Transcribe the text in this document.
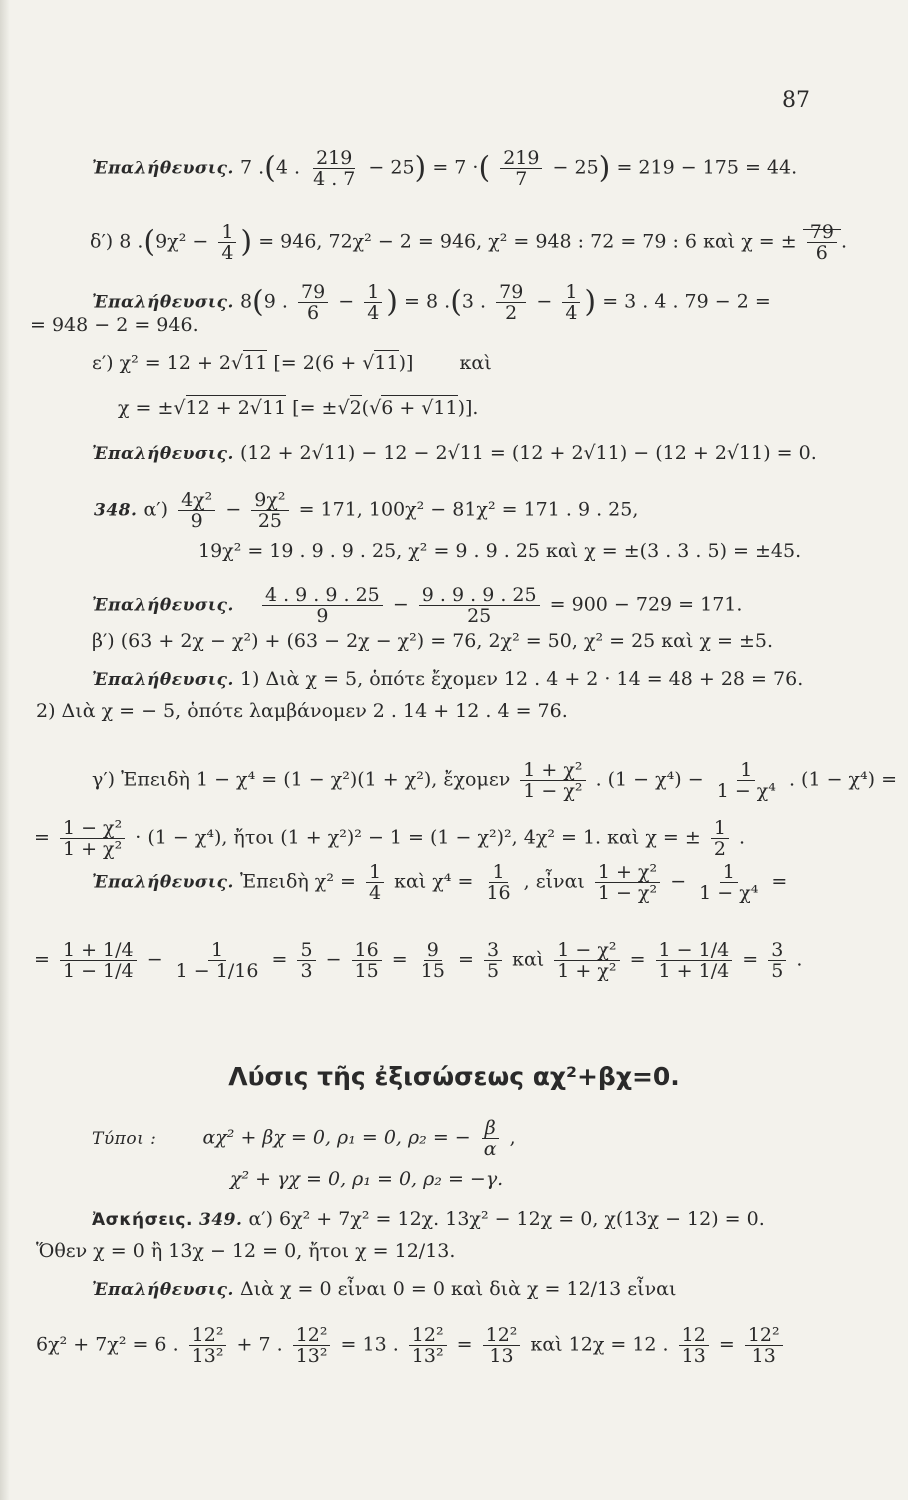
87
Ἐπαλήθευσις. 7 .(4 . $\frac{219}{4 . 7} - 25) = 7$ ·( $\frac{219}{7} - 25) = 219 - 175 = 44$.
δ′) 8 $.(9\chi^2 - \frac{1}{4}$ ) = 946, 72χ² − 2 = 946, χ² = 948 : 72 = 79 : 6 καὶ χ = ± $\frac{79}{6}$ .
Ἐπαλήθευσις. 8(9 . $\frac{79}{6} - \frac{1}{4}$ ) = 8 .(3 . $\frac{79}{2} - \frac{1}{4}$ ) = 3 . 4 . 79 − 2 =
= 948 − 2 = 946.
ε′) χ² = 12 + 2√11 [= 2(6 + √11)] καὶ
χ = ±√12 + 2√11 [= ±√2(√6 + √11)].
Ἐπαλήθευσις. (12 + 2√11) − 12 − 2√11 = (12 + 2√11) − (12 + 2√11) = 0.
348. $\alpha') \frac{\text{4χ²}}{9} - \frac{\text{9χ²}}{25} = 171$, 100χ² − 81χ² = 171 . 9 . 25,
19χ² = 19 . 9 . 9 . 25, χ² = 9 . 9 . 25 καὶ χ = ±(3 . 3 . 5) = ±45.
Ἐπαλήθευσις. $\frac{4 . 9 . 9 . 25}{9} - \frac{9 . 9 . 9 . 25}{25} = 900 - 729 = 171$.
β′) (63 + 2χ − χ²) + (63 − 2χ − χ²) = 76, 2χ² = 50, χ² = 25 καὶ χ = ±5.
Ἐπαλήθευσις. 1) Διὰ χ = 5, ὁπότε ἔχομεν 12 . 4 + 2 · 14 = 48 + 28 = 76.
2) Διὰ χ = − 5, ὁπότε λαμβάνομεν 2 . 14 + 12 . 4 = 76.
γ′) Ἐπειδὴ 1 − χ⁴ = (1 − χ²)(1 + χ²), ἔχομεν $\frac{\text{1 + χ²}}{\text{1 − χ²}}$ . $(1 - \chi^4) - \frac{1}{\text{1 − χ⁴}}$ . (1 − χ⁴) =
= $\frac{\text{1 − χ²}}{\text{1 + χ²}} \cdot (1 - \chi^4)$, ἤτοι (1 + χ²)² − 1 = (1 − χ²)², 4χ² = 1. καὶ χ = ± $\frac{1}{2}$ .
Ἐπαλήθευσις. Ἐπειδὴ $\chi^2 = \frac{1}{4}$ καὶ $\chi^4 = \frac{1}{16}$ , εἶναι $\frac{\text{1 + χ²}}{\text{1 − χ²}} - \frac{1}{\text{1 − χ⁴}}$ =
= $\frac{1 + 1/4}{1 - 1/4} - \frac{1}{1 - 1/16} = \frac{5}{3} - \frac{16}{15} = \frac{9}{15} = \frac{3}{5}$ καὶ $\frac{\text{1 − χ²}}{\text{1 + χ²}} = \frac{1 - 1/4}{1 + 1/4} = \frac{3}{5}$ .
Λύσις τῆς ἐξισώσεως αχ²+βχ=0.
Τύποι : αχ² + βχ = 0, ρ₁ = 0, ρ₂ = − $\frac{\beta}{\alpha}$ ,
χ² + γχ = 0, ρ₁ = 0, ρ₂ = −γ.
Ἀσκήσεις. 349. α′) 6χ² + 7χ² = 12χ. 13χ² − 12χ = 0, χ(13χ − 12) = 0.
Ὅθεν χ = 0 ἢ 13χ − 12 = 0, ἤτοι χ = 12/13.
Ἐπαλήθευσις. Διὰ χ = 0 εἶναι 0 = 0 καὶ διὰ χ = 12/13 εἶναι
6χ² + 7χ² = 6 . $\frac{\text{12²}}{\text{13²}} + 7$ . $\frac{\text{12²}}{\text{13²}} = 13$ . $\frac{\text{12²}}{\text{13²}} = \frac{\text{12²}}{13}$ καὶ 12χ = 12 . $\frac{12}{13} = \frac{\text{12²}}{13}$
